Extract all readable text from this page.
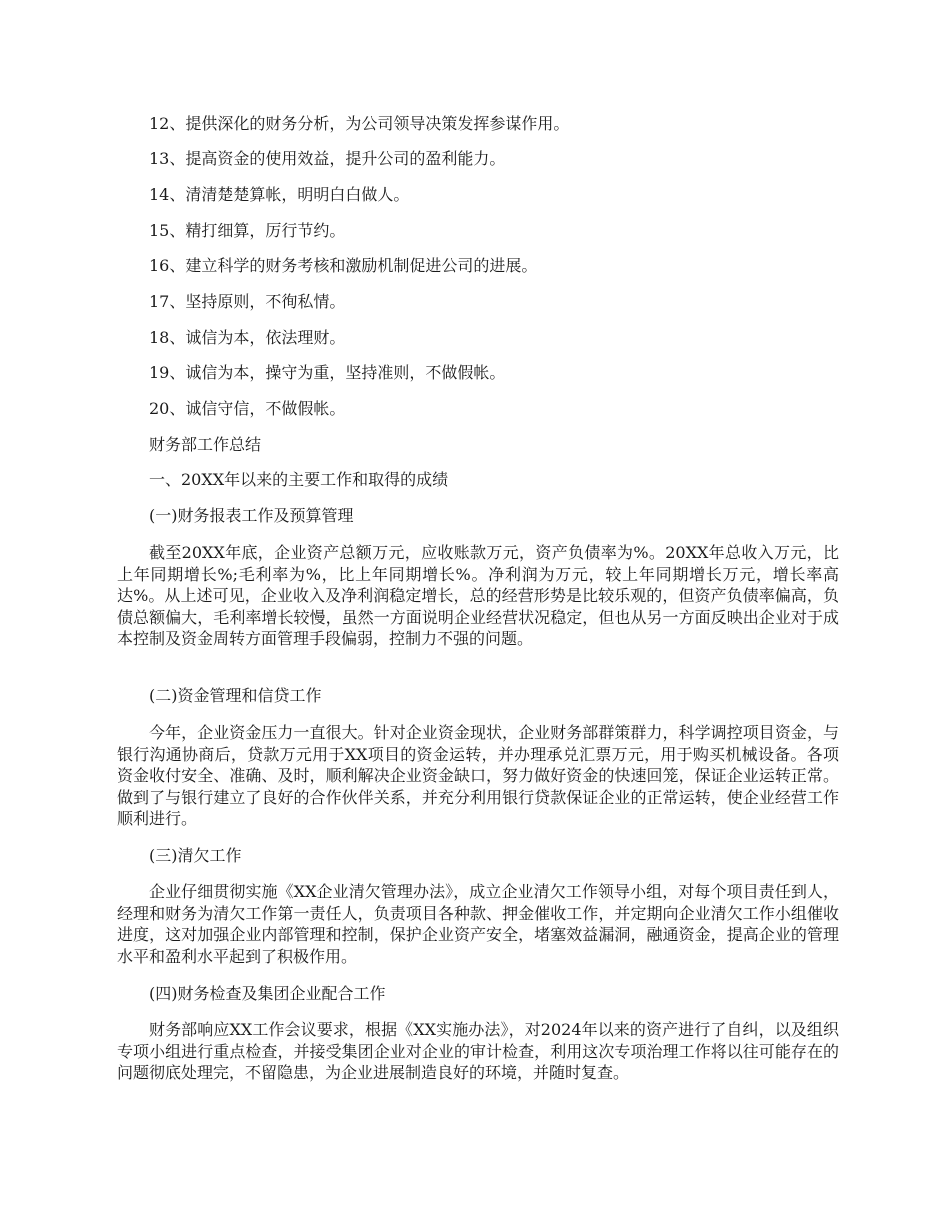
12、提供深化的财务分析，为公司领导决策发挥参谋作用。
13、提高资金的使用效益，提升公司的盈利能力。
14、清清楚楚算帐，明明白白做人。
15、精打细算，厉行节约。
16、建立科学的财务考核和激励机制促进公司的进展。
17、坚持原则，不徇私情。
18、诚信为本，依法理财。
19、诚信为本，操守为重，坚持准则，不做假帐。
20、诚信守信，不做假帐。
财务部工作总结
一、20XX年以来的主要工作和取得的成绩
(一)财务报表工作及预算管理
截至20XX年底，企业资产总额万元，应收账款万元，资产负债率为%。20XX年总收入万元，比上年同期增长%;毛利率为%，比上年同期增长%。净利润为万元，较上年同期增长万元，增长率高达%。从上述可见，企业收入及净利润稳定增长，总的经营形势是比较乐观的，但资产负债率偏高，负债总额偏大，毛利率增长较慢，虽然一方面说明企业经营状况稳定，但也从另一方面反映出企业对于成本控制及资金周转方面管理手段偏弱，控制力不强的问题。
(二)资金管理和信贷工作
今年，企业资金压力一直很大。针对企业资金现状，企业财务部群策群力，科学调控项目资金，与银行沟通协商后，贷款万元用于XX项目的资金运转，并办理承兑汇票万元，用于购买机械设备。各项资金收付安全、准确、及时，顺利解决企业资金缺口，努力做好资金的快速回笼，保证企业运转正常。做到了与银行建立了良好的合作伙伴关系，并充分利用银行贷款保证企业的正常运转，使企业经营工作顺利进行。
(三)清欠工作
企业仔细贯彻实施《XX企业清欠管理办法》，成立企业清欠工作领导小组，对每个项目责任到人，经理和财务为清欠工作第一责任人，负责项目各种款、押金催收工作，并定期向企业清欠工作小组催收进度，这对加强企业内部管理和控制，保护企业资产安全，堵塞效益漏洞，融通资金，提高企业的管理水平和盈利水平起到了积极作用。
(四)财务检查及集团企业配合工作
财务部响应XX工作会议要求，根据《XX实施办法》，对2024年以来的资产进行了自纠，以及组织专项小组进行重点检查，并接受集团企业对企业的审计检查，利用这次专项治理工作将以往可能存在的问题彻底处理完，不留隐患，为企业进展制造良好的环境，并随时复查。
